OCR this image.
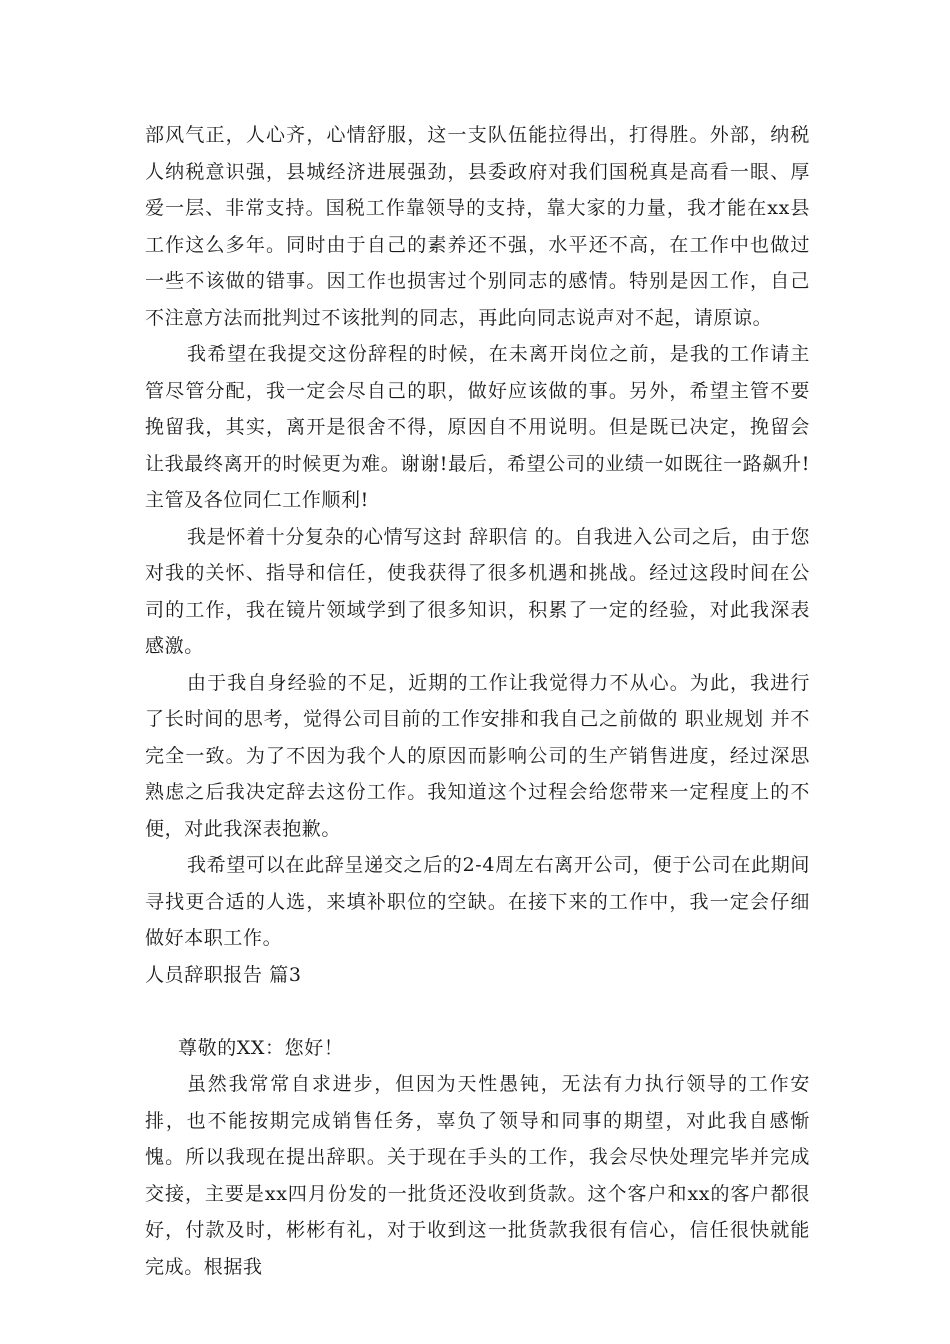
部风气正，人心齐，心情舒服，这一支队伍能拉得出，打得胜。外部，纳税人纳税意识强，县城经济进展强劲，县委政府对我们国税真是高看一眼、厚爱一层、非常支持。国税工作靠领导的支持，靠大家的力量，我才能在xx县工作这么多年。同时由于自己的素养还不强，水平还不高，在工作中也做过一些不该做的错事。因工作也损害过个别同志的感情。特别是因工作，自己不注意方法而批判过不该批判的同志，再此向同志说声对不起，请原谅。

我希望在我提交这份辞程的时候，在未离开岗位之前，是我的工作请主管尽管分配，我一定会尽自己的职，做好应该做的事。另外，希望主管不要挽留我，其实，离开是很舍不得，原因自不用说明。但是既已决定，挽留会让我最终离开的时候更为难。谢谢!最后，希望公司的业绩一如既往一路飙升!主管及各位同仁工作顺利!

我是怀着十分复杂的心情写这封 辞职信 的。自我进入公司之后，由于您对我的关怀、指导和信任，使我获得了很多机遇和挑战。经过这段时间在公司的工作，我在镜片领域学到了很多知识，积累了一定的经验，对此我深表感激。

由于我自身经验的不足，近期的工作让我觉得力不从心。为此，我进行了长时间的思考，觉得公司目前的工作安排和我自己之前做的 职业规划 并不完全一致。为了不因为我个人的原因而影响公司的生产销售进度，经过深思熟虑之后我决定辞去这份工作。我知道这个过程会给您带来一定程度上的不便，对此我深表抱歉。

我希望可以在此辞呈递交之后的2-4周左右离开公司，便于公司在此期间寻找更合适的人选，来填补职位的空缺。在接下来的工作中，我一定会仔细做好本职工作。

人员辞职报告 篇3

尊敬的XX：您好！

虽然我常常自求进步，但因为天性愚钝，无法有力执行领导的工作安排，也不能按期完成销售任务，辜负了领导和同事的期望，对此我自感惭愧。所以我现在提出辞职。关于现在手头的工作，我会尽快处理完毕并完成交接，主要是xx四月份发的一批货还没收到货款。这个客户和xx的客户都很好，付款及时，彬彬有礼，对于收到这一批货款我很有信心，信任很快就能完成。根据我
